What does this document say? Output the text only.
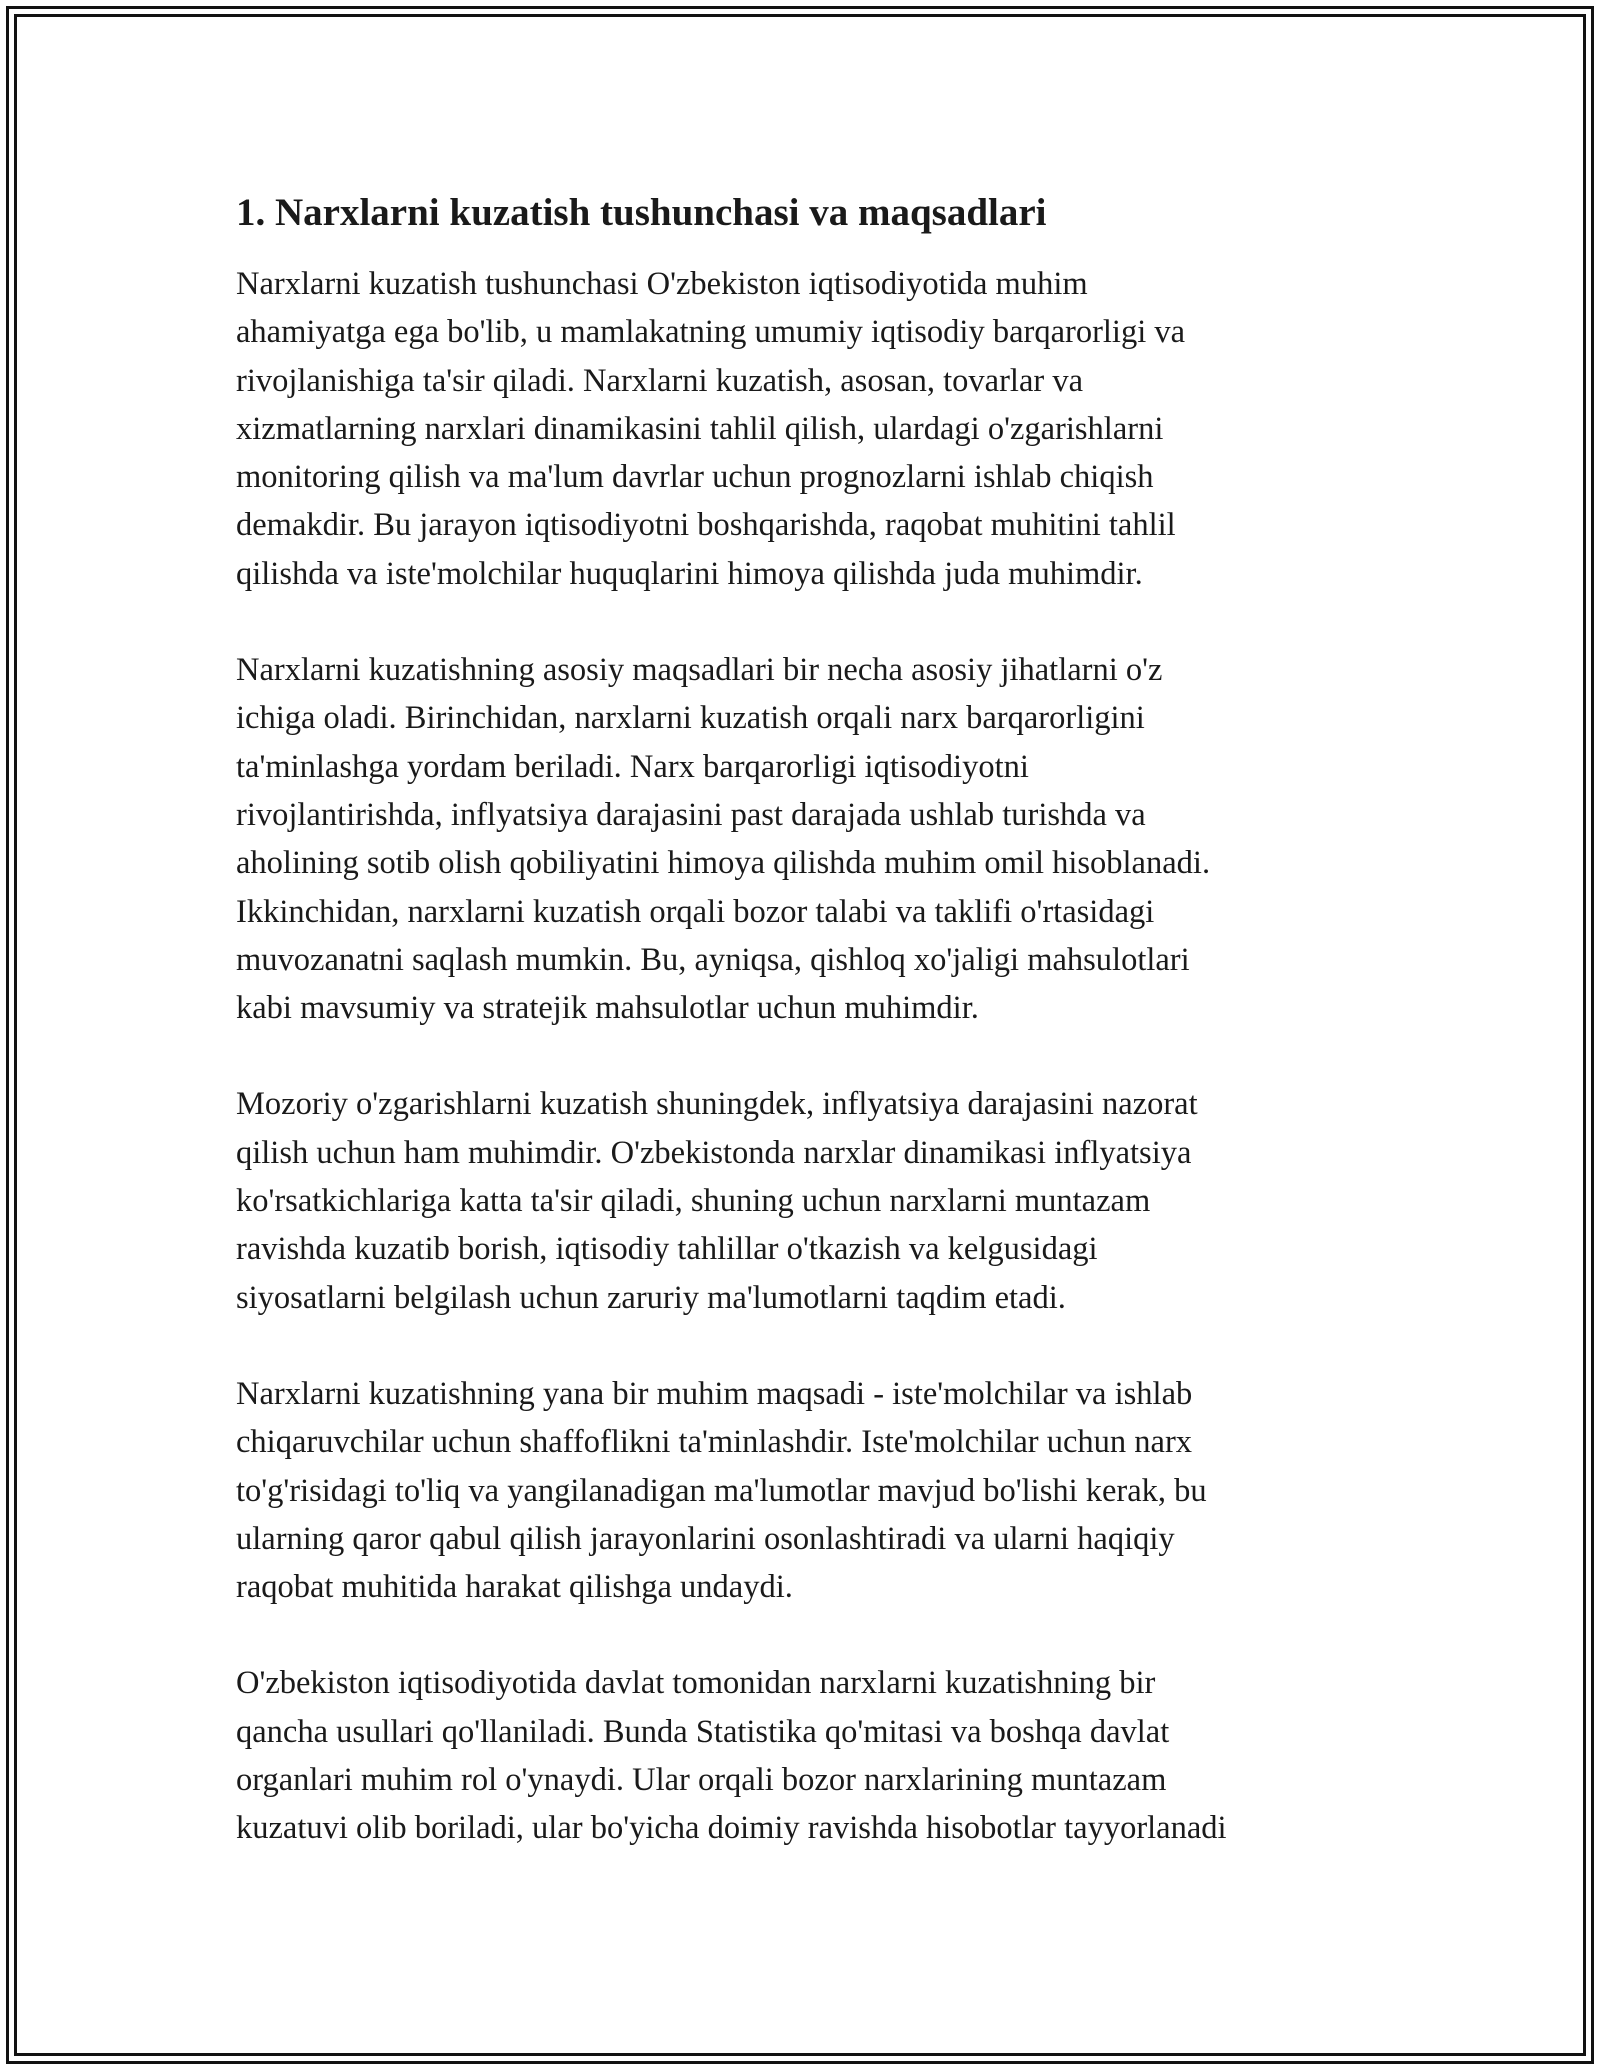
1. Narxlarni kuzatish tushunchasi va maqsadlari
Narxlarni kuzatish tushunchasi O'zbekiston iqtisodiyotida muhim
ahamiyatga ega bo'lib, u mamlakatning umumiy iqtisodiy barqarorligi va
rivojlanishiga ta'sir qiladi. Narxlarni kuzatish, asosan, tovarlar va
xizmatlarning narxlari dinamikasini tahlil qilish, ulardagi o'zgarishlarni
monitoring qilish va ma'lum davrlar uchun prognozlarni ishlab chiqish
demakdir. Bu jarayon iqtisodiyotni boshqarishda, raqobat muhitini tahlil
qilishda va iste'molchilar huquqlarini himoya qilishda juda muhimdir.
Narxlarni kuzatishning asosiy maqsadlari bir necha asosiy jihatlarni o'z
ichiga oladi. Birinchidan, narxlarni kuzatish orqali narx barqarorligini
ta'minlashga yordam beriladi. Narx barqarorligi iqtisodiyotni
rivojlantirishda, inflyatsiya darajasini past darajada ushlab turishda va
aholining sotib olish qobiliyatini himoya qilishda muhim omil hisoblanadi.
Ikkinchidan, narxlarni kuzatish orqali bozor talabi va taklifi o'rtasidagi
muvozanatni saqlash mumkin. Bu, ayniqsa, qishloq xo'jaligi mahsulotlari
kabi mavsumiy va stratejik mahsulotlar uchun muhimdir.
Mozoriy o'zgarishlarni kuzatish shuningdek, inflyatsiya darajasini nazorat
qilish uchun ham muhimdir. O'zbekistonda narxlar dinamikasi inflyatsiya
ko'rsatkichlariga katta ta'sir qiladi, shuning uchun narxlarni muntazam
ravishda kuzatib borish, iqtisodiy tahlillar o'tkazish va kelgusidagi
siyosatlarni belgilash uchun zaruriy ma'lumotlarni taqdim etadi.
Narxlarni kuzatishning yana bir muhim maqsadi - iste'molchilar va ishlab
chiqaruvchilar uchun shaffoflikni ta'minlashdir. Iste'molchilar uchun narx
to'g'risidagi to'liq va yangilanadigan ma'lumotlar mavjud bo'lishi kerak, bu
ularning qaror qabul qilish jarayonlarini osonlashtiradi va ularni haqiqiy
raqobat muhitida harakat qilishga undaydi.
O'zbekiston iqtisodiyotida davlat tomonidan narxlarni kuzatishning bir
qancha usullari qo'llaniladi. Bunda Statistika qo'mitasi va boshqa davlat
organlari muhim rol o'ynaydi. Ular orqali bozor narxlarining muntazam
kuzatuvi olib boriladi, ular bo'yicha doimiy ravishda hisobotlar tayyorlanadi
